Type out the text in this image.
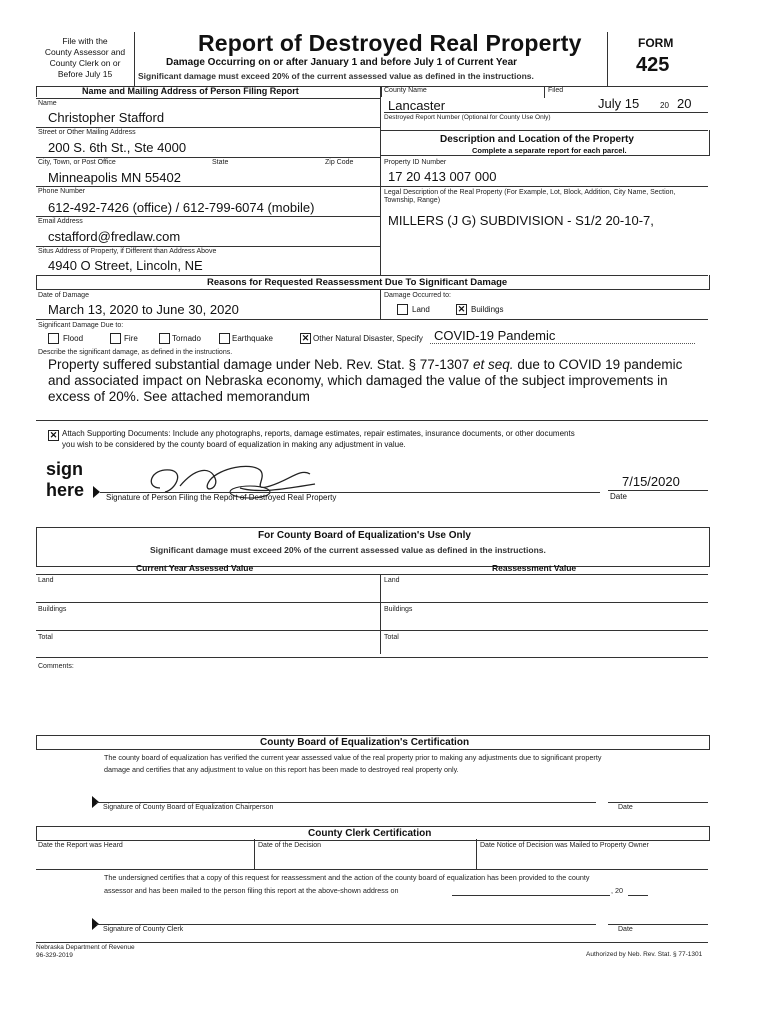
File with the
County Assessor and
County Clerk on or
Before July 15
Report of Destroyed Real Property
Damage Occurring on or after January 1 and before July 1 of Current Year
Significant damage must exceed 20% of the current assessed value as defined in the instructions.
FORM
425
Name and Mailing Address of Person Filing Report
Name
Christopher Stafford
Street or Other Mailing Address
200 S. 6th St., Ste 4000
City, Town, or Post Office	State	Zip Code
Minneapolis MN 55402
Phone Number
612-492-7426 (office) / 612-799-6074 (mobile)
Email Address
cstafford@fredlaw.com
Situs Address of Property, if Different than Address Above
4940 O Street, Lincoln, NE
County Name	Filed
Lancaster	July 15	20 20
Destroyed Report Number (Optional for County Use Only)
Description and Location of the Property
Complete a separate report for each parcel.
Property ID Number
17 20 413 007 000
Legal Description of the Real Property (For Example, Lot, Block, Addition, City Name, Section, Township, Range)
MILLERS (J G) SUBDIVISION - S1/2 20-10-7,
Reasons for Requested Reassessment Due To Significant Damage
Date of Damage
March 13, 2020 to June 30, 2020
Damage Occurred to:
Land	✕ Buildings
Significant Damage Due to:
Flood	Fire	Tornado	Earthquake	✕ Other Natural Disaster, Specify COVID-19 Pandemic
Describe the significant damage, as defined in the instructions.
Property suffered substantial damage under Neb. Rev. Stat. § 77-1307 et seq. due to COVID 19 pandemic
and associated impact on Nebraska economy, which damaged the value of the subject improvements in
excess of 20%. See attached memorandum
✕ Attach Supporting Documents: Include any photographs, reports, damage estimates, repair estimates, insurance documents, or other documents
you wish to be considered by the county board of equalization in making any adjustment in value.
sign
here	Signature of Person Filing the Report of Destroyed Real Property
7/15/2020
Date
For County Board of Equalization's Use Only
Significant damage must exceed 20% of the current assessed value as defined in the instructions.
Current Year Assessed Value	Reassessment Value
Land	Land
Buildings	Buildings
Total	Total
Comments:
County Board of Equalization's Certification
The county board of equalization has verified the current year assessed value of the real property prior to making any adjustments due to significant property
damage and certifies that any adjustment to value on this report has been made to destroyed real property only.
Signature of County Board of Equalization Chairperson	Date
County Clerk Certification
Date the Report was Heard	Date of the Decision	Date Notice of Decision was Mailed to Property Owner
The undersigned certifies that a copy of this request for reassessment and the action of the county board of equalization has been provided to the county
assessor and has been mailed to the person filing this report at the above-shown address on	, 20
Signature of County Clerk	Date
Nebraska Department of Revenue
96-329-2019	Authorized by Neb. Rev. Stat. § 77-1301
